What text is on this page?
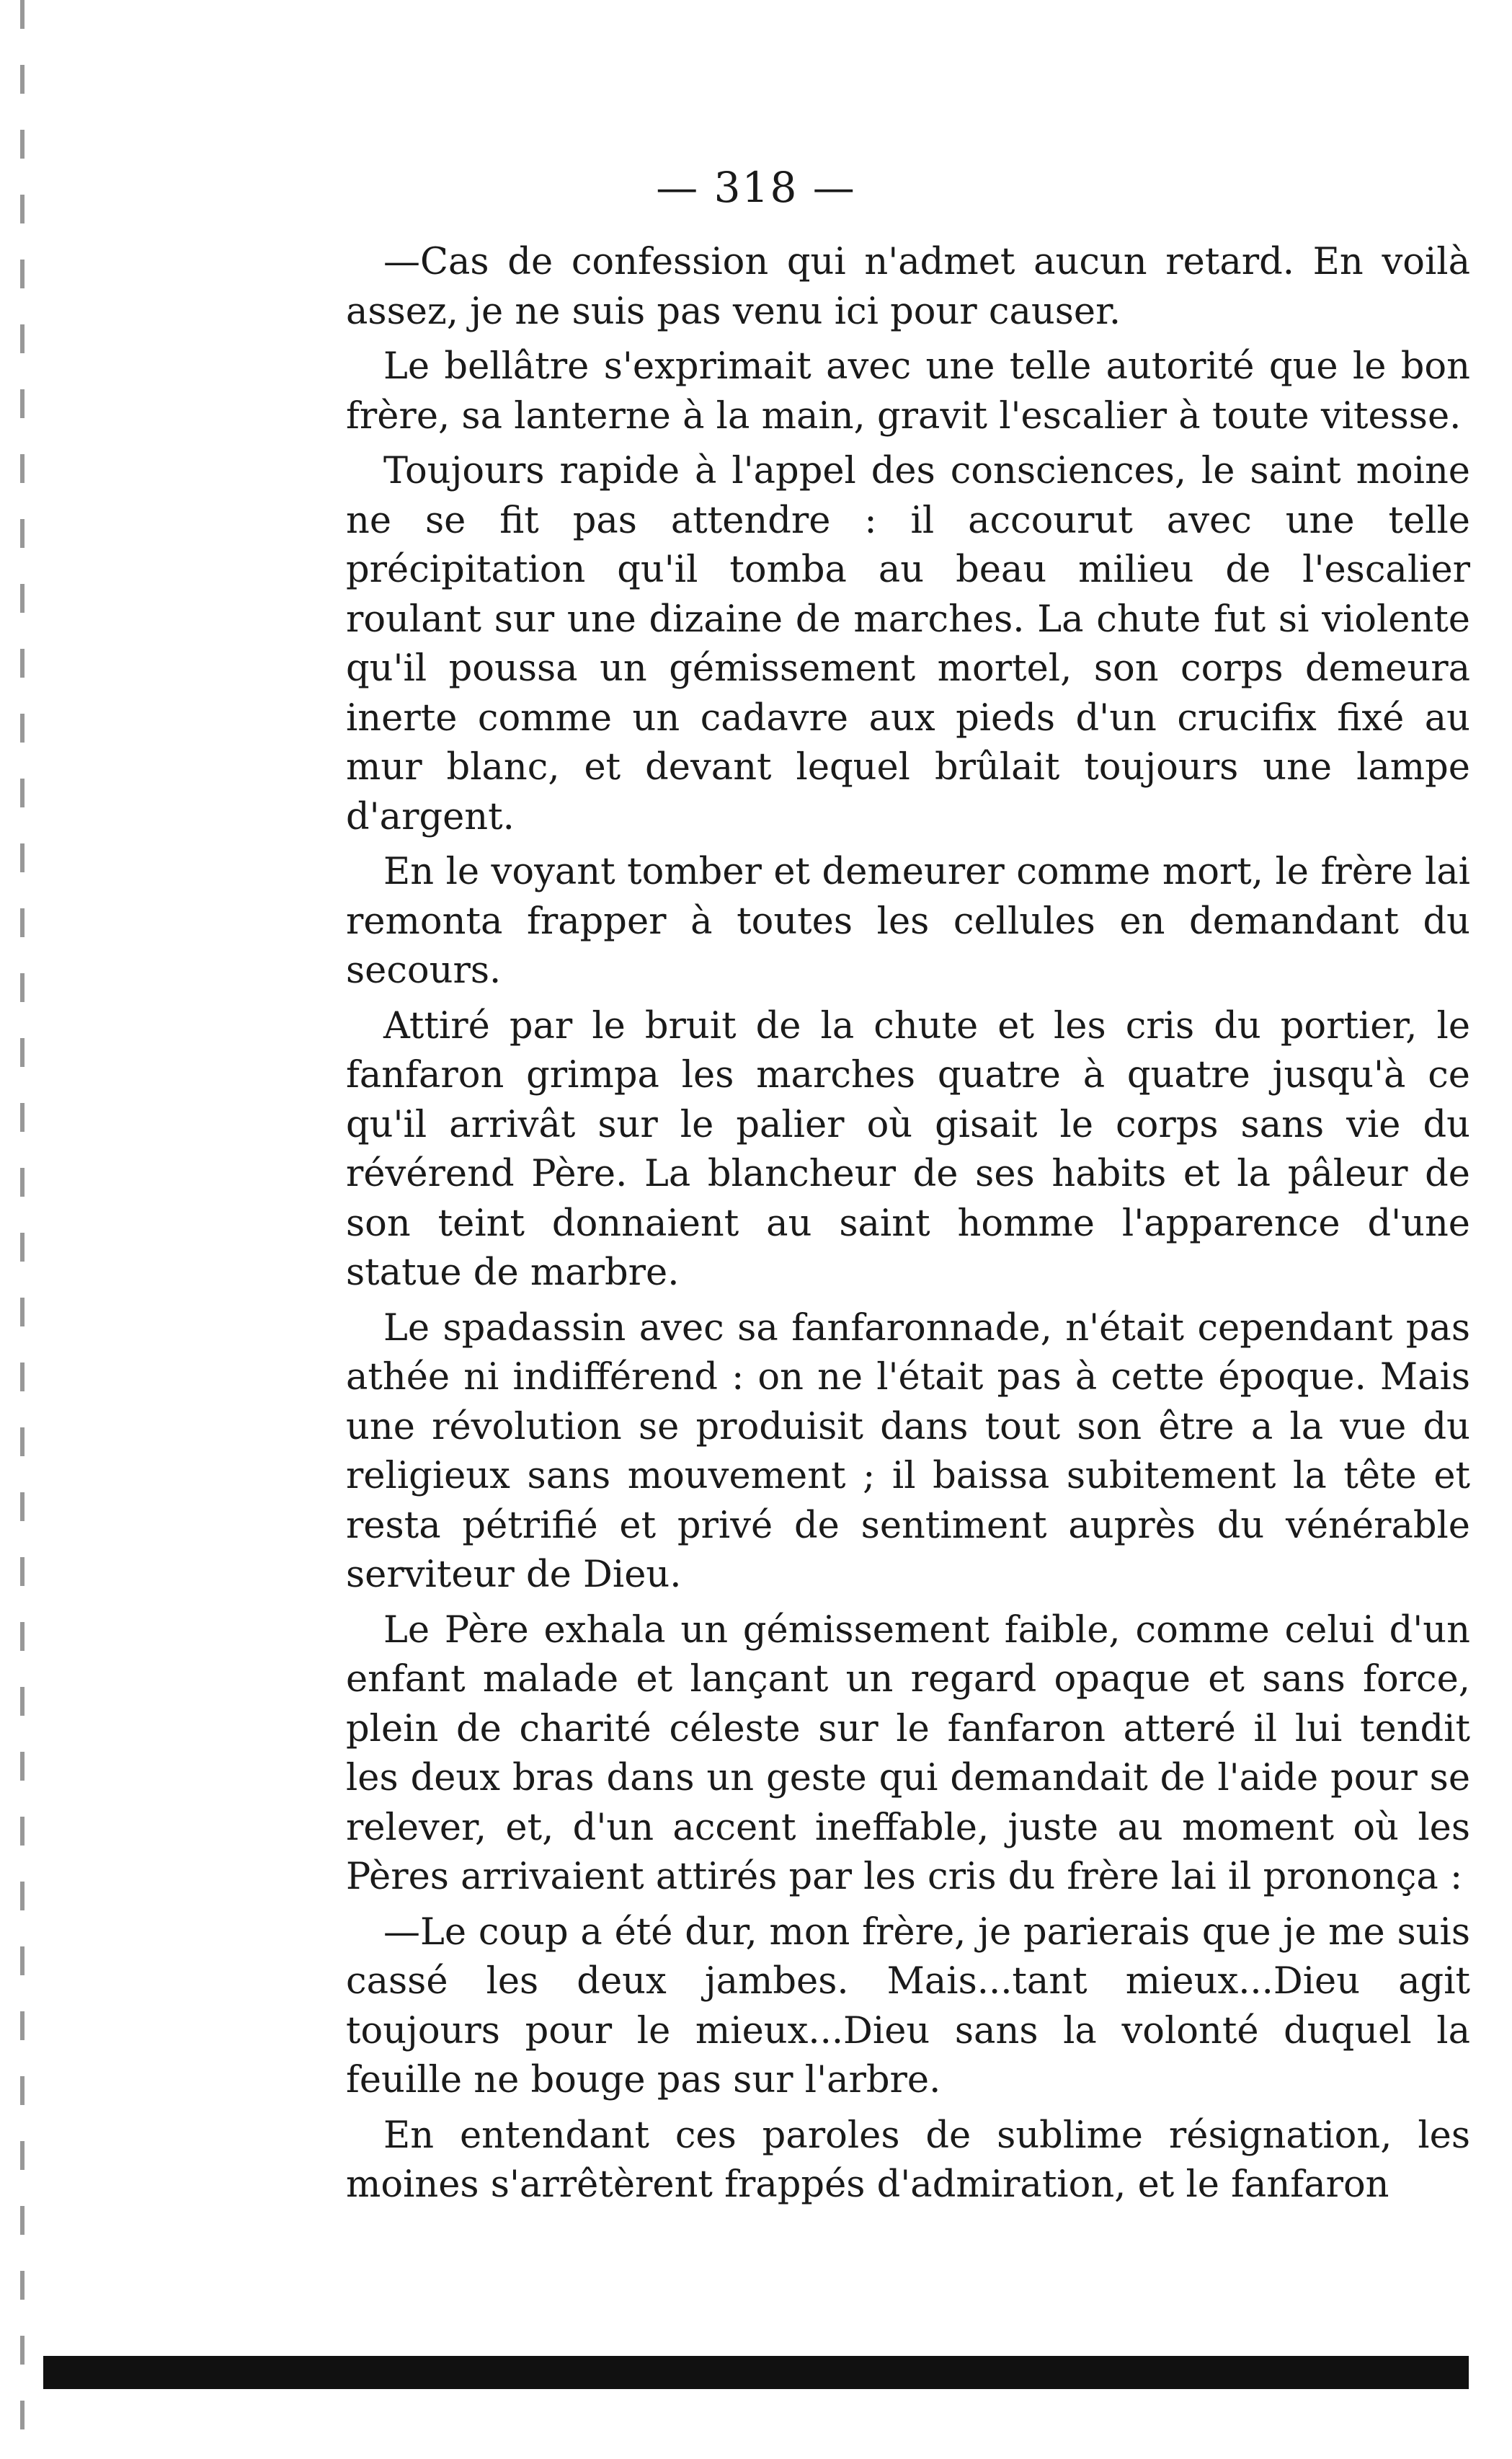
— 318 —

—Cas de confession qui n'admet aucun retard. En voilà assez, je ne suis pas venu ici pour causer.

Le bellâtre s'exprimait avec une telle autorité que le bon frère, sa lanterne à la main, gravit l'escalier à toute vitesse.

Toujours rapide à l'appel des consciences, le saint moine ne se fit pas attendre : il accourut avec une telle précipitation qu'il tomba au beau milieu de l'escalier roulant sur une dizaine de marches. La chute fut si violente qu'il poussa un gémissement mortel, son corps demeura inerte comme un cadavre aux pieds d'un crucifix fixé au mur blanc, et devant lequel brûlait toujours une lampe d'argent.

En le voyant tomber et demeurer comme mort, le frère lai remonta frapper à toutes les cellules en demandant du secours.

Attiré par le bruit de la chute et les cris du portier, le fanfaron grimpa les marches quatre à quatre jusqu'à ce qu'il arrivât sur le palier où gisait le corps sans vie du révérend Père. La blancheur de ses habits et la pâleur de son teint donnaient au saint homme l'apparence d'une statue de marbre.

Le spadassin avec sa fanfaronnade, n'était cependant pas athée ni indifférend : on ne l'était pas à cette époque. Mais une révolution se produisit dans tout son être a la vue du religieux sans mouvement ; il baissa subitement la tête et resta pétrifié et privé de sentiment auprès du vénérable serviteur de Dieu.

Le Père exhala un gémissement faible, comme celui d'un enfant malade et lançant un regard opaque et sans force, plein de charité céleste sur le fanfaron atteré il lui tendit les deux bras dans un geste qui demandait de l'aide pour se relever, et, d'un accent ineffable, juste au moment où les Pères arrivaient attirés par les cris du frère lai il prononça :

—Le coup a été dur, mon frère, je parierais que je me suis cassé les deux jambes. Mais...tant mieux...Dieu agit toujours pour le mieux...Dieu sans la volonté duquel la feuille ne bouge pas sur l'arbre.

En entendant ces paroles de sublime résignation, les moines s'arrêtèrent frappés d'admiration, et le fanfaron
